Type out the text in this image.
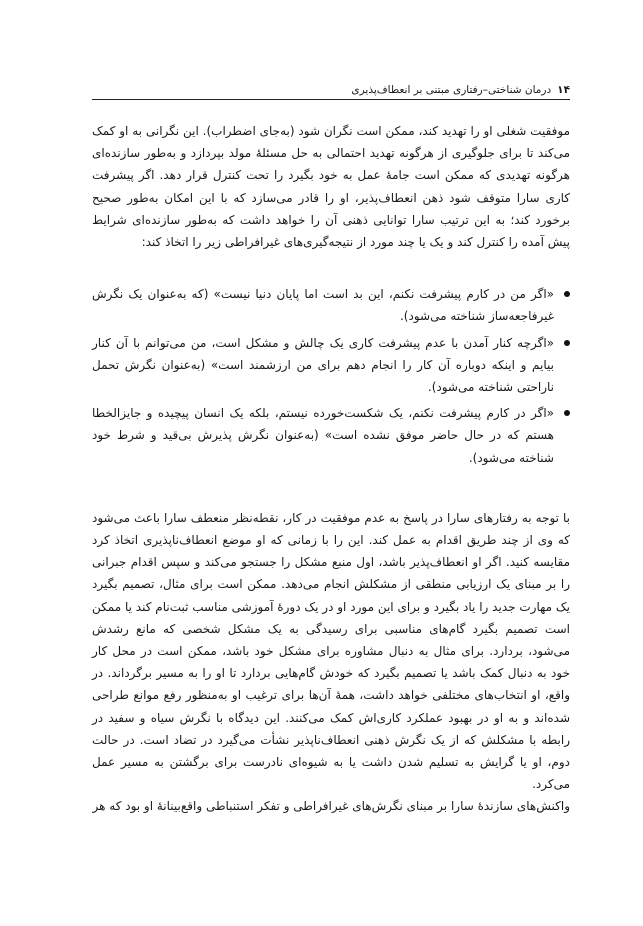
۱۴
درمان شناختی–رفتاری مبتنی بر انعطاف‌پذیری

موفقیت شغلی او را تهدید کند، ممکن است نگران شود (به‌جای اضطراب). این نگرانی به او کمک می‌کند تا برای جلوگیری از هرگونه تهدید احتمالی به حل مسئلهٔ مولد بپردازد و به‌طور سازنده‌ای هرگونه تهدیدی که ممکن است جامهٔ عمل به خود بگیرد را تحت کنترل قرار دهد. اگر پیشرفت کاری سارا متوقف شود ذهن انعطاف‌پذیر، او را قادر می‌سازد که با این امکان به‌طور صحیح برخورد کند؛ به این ترتیب سارا توانایی ذهنی آن را خواهد داشت که به‌طور سازنده‌ای شرایط پیش آمده را کنترل کند و یک یا چند مورد از نتیجه‌گیری‌های غیرافراطی زیر را اتخاذ کند:

«اگر من در کارم پیشرفت نکنم، این بد است اما پایان دنیا نیست» (که به‌عنوان یک نگرش غیرفاجعه‌ساز شناخته می‌شود).
«اگرچه کنار آمدن با عدم پیشرفت کاری یک چالش و مشکل است، من می‌توانم با آن کنار بیایم و اینکه دوباره آن کار را انجام دهم برای من ارزشمند است» (به‌عنوان نگرش تحمل ناراحتی شناخته می‌شود).
«اگر در کارم پیشرفت نکنم، یک شکست‌خورده نیستم، بلکه یک انسان پیچیده و جایزالخطا هستم که در حال حاضر موفق نشده است» (به‌عنوان نگرش پذیرش بی‌قید و شرط خود شناخته می‌شود).

با توجه به رفتارهای سارا در پاسخ به عدم موفقیت در کار، نقطه‌نظر منعطف سارا باعث می‌شود که وی از چند طریق اقدام به عمل کند. این را با زمانی که او موضع انعطاف‌ناپذیری اتخاذ کرد مقایسه کنید. اگر او انعطاف‌پذیر باشد، اول منبع مشکل را جستجو می‌کند و سپس اقدام جبرانی را بر مبنای یک ارزیابی منطقی از مشکلش انجام می‌دهد. ممکن است برای مثال، تصمیم بگیرد یک مهارت جدید را یاد بگیرد و برای این مورد او در یک دورهٔ آموزشی مناسب ثبت‌نام کند یا ممکن است تصمیم بگیرد گام‌های مناسبی برای رسیدگی به یک مشکل شخصی که مانع رشدش می‌شود، بردارد. برای مثال به دنبال مشاوره برای مشکل خود باشد، ممکن است در محل کار خود به دنبال کمک باشد یا تصمیم بگیرد که خودش گام‌هایی بردارد تا او را به مسیر برگرداند. در واقع، او انتخاب‌های مختلفی خواهد داشت، همهٔ آن‌ها برای ترغیب او به‌منظور رفع موانع طراحی شده‌اند و به او در بهبود عملکرد کاری‌اش کمک می‌کنند. این دیدگاه با نگرش سیاه و سفید در رابطه با مشکلش که از یک نگرش ذهنی انعطاف‌ناپذیر نشأت می‌گیرد در تضاد است. در حالت دوم، او یا گرایش به تسلیم شدن داشت یا به شیوه‌ای نادرست برای برگشتن به مسیر عمل می‌کرد.

واکنش‌های سازندهٔ سارا بر مبنای نگرش‌های غیرافراطی و تفکر استنباطی واقع‌بینانهٔ او بود که هر
